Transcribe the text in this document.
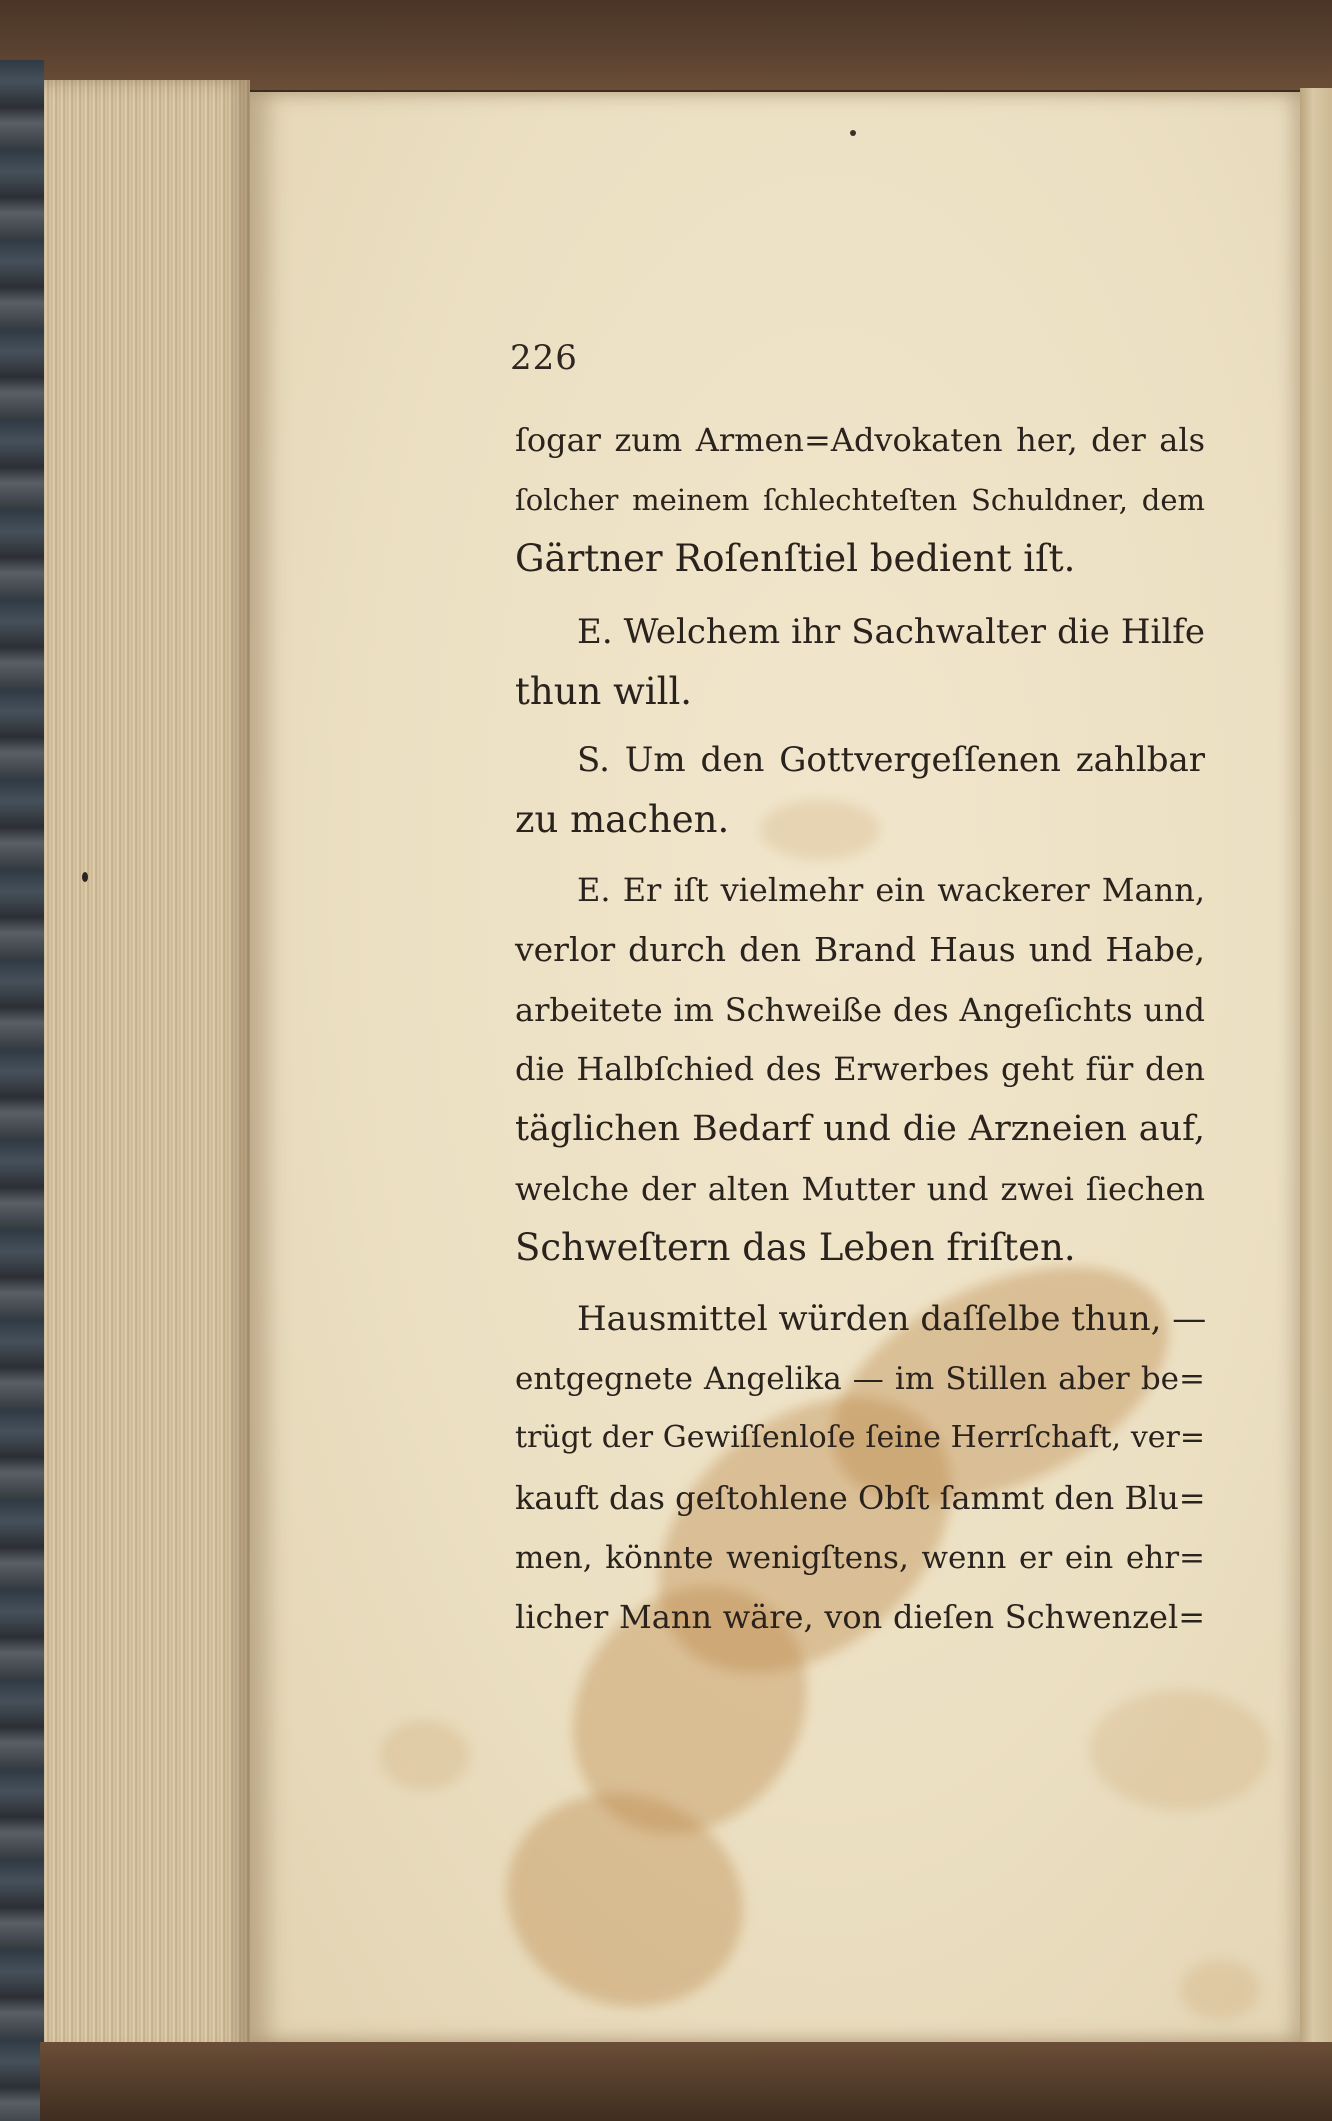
226
ſogar zum Armen=Advokaten her, der als
ſolcher meinem ſchlechteſten Schuldner, dem
Gärtner Roſenſtiel bedient iſt.
E. Welchem ihr Sachwalter die Hilfe
thun will.
S. Um den Gottvergeſſenen zahlbar
zu machen.
E. Er iſt vielmehr ein wackerer Mann,
verlor durch den Brand Haus und Habe,
arbeitete im Schweiße des Angeſichts und
die Halbſchied des Erwerbes geht für den
täglichen Bedarf und die Arzneien auf,
welche der alten Mutter und zwei ſiechen
Schweſtern das Leben friſten.
Hausmittel würden daſſelbe thun, —
entgegnete Angelika — im Stillen aber be=
trügt der Gewiſſenloſe ſeine Herrſchaft, ver=
kauft das geſtohlene Obſt ſammt den Blu=
men, könnte wenigſtens, wenn er ein ehr=
licher Mann wäre, von dieſen Schwenzel=
